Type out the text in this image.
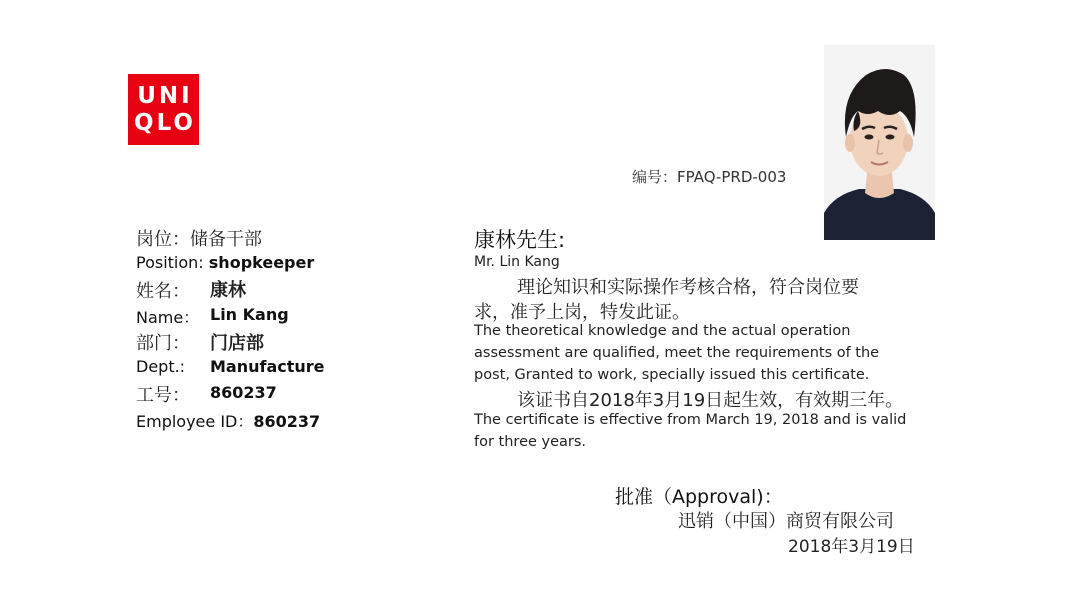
UNI
QLO
编号：FPAQ-PRD-003
岗位：储备干部
Position: shopkeeper
姓名： 康林
Name： Lin Kang
部门： 门店部
Dept.: Manufacture
工号： 860237
Employee ID：860237
康林先生:
Mr. Lin Kang
理论知识和实际操作考核合格，符合岗位要
求，准予上岗，特发此证。
The theoretical knowledge and the actual operation
assessment are qualified, meet the requirements of the
post, Granted to work, specially issued this certificate.
该证书自2018年3月19日起生效，有效期三年。
The certificate is effective from March 19, 2018 and is valid
for three years.
批准（Approval)：
迅销（中国）商贸有限公司
2018年3月19日
